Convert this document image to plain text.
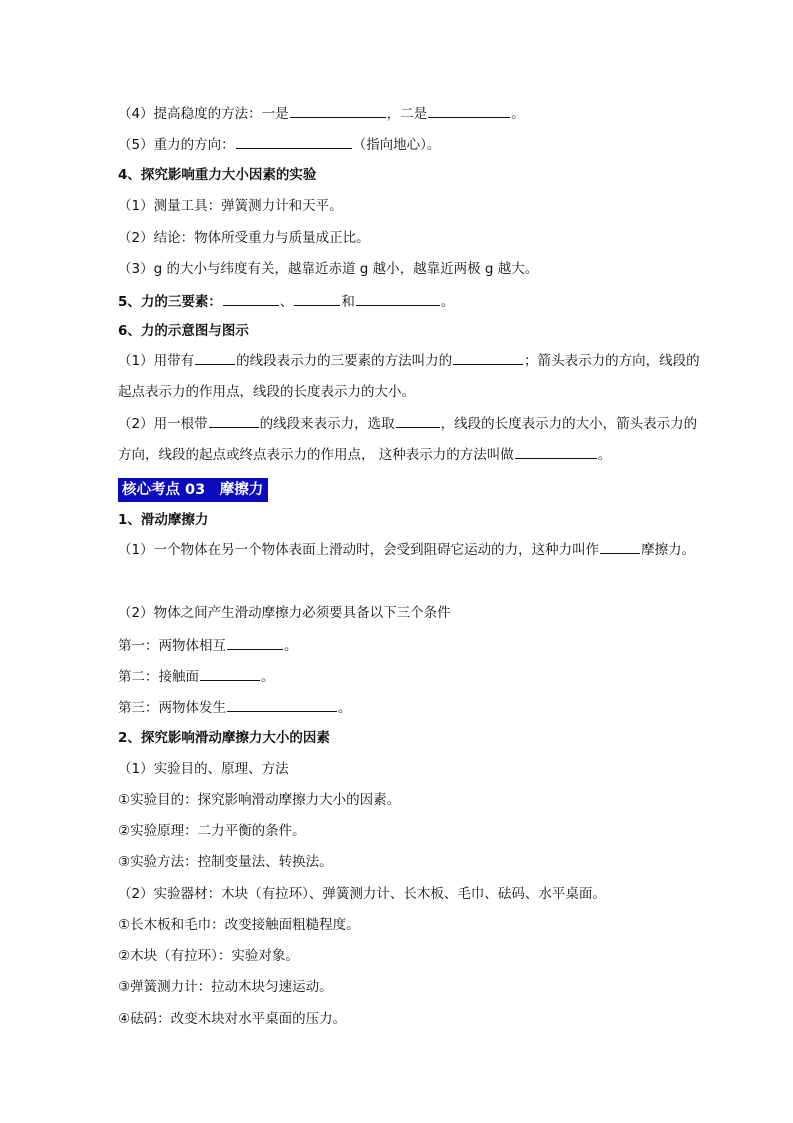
（4）提高稳度的方法：一是	，二是	。
（5）重力的方向：	（指向地心）。
4、探究影响重力大小因素的实验
（1）测量工具：弹簧测力计和天平。
（2）结论：物体所受重力与质量成正比。
（3）g 的大小与纬度有关，越靠近赤道 g 越小，越靠近两极 g 越大。
5、力的三要素：	、	和	。
6、力的示意图与图示
（1）用带有	的线段表示力的三要素的方法叫力的	；箭头表示力的方向，线段的起点表示力的作用点，线段的长度表示力的大小。
（2）用一根带	的线段来表示力，选取	，线段的长度表示力的大小，箭头表示力的方向，线段的起点或终点表示力的作用点， 这种表示力的方法叫做	。
核心考点 03　摩擦力
1、滑动摩擦力
（1）一个物体在另一个物体表面上滑动时，会受到阻碍它运动的力，这种力叫作	摩擦力。
（2）物体之间产生滑动摩擦力必须要具备以下三个条件
第一：两物体相互	。
第二：接触面	。
第三：两物体发生	。
2、探究影响滑动摩擦力大小的因素
（1）实验目的、原理、方法
①实验目的：探究影响滑动摩擦力大小的因素。
②实验原理：二力平衡的条件。
③实验方法：控制变量法、转换法。
（2）实验器材：木块（有拉环）、弹簧测力计、长木板、毛巾、砝码、水平桌面。
①长木板和毛巾：改变接触面粗糙程度。
②木块（有拉环）：实验对象。
③弹簧测力计：拉动木块匀速运动。
④砝码：改变木块对水平桌面的压力。
